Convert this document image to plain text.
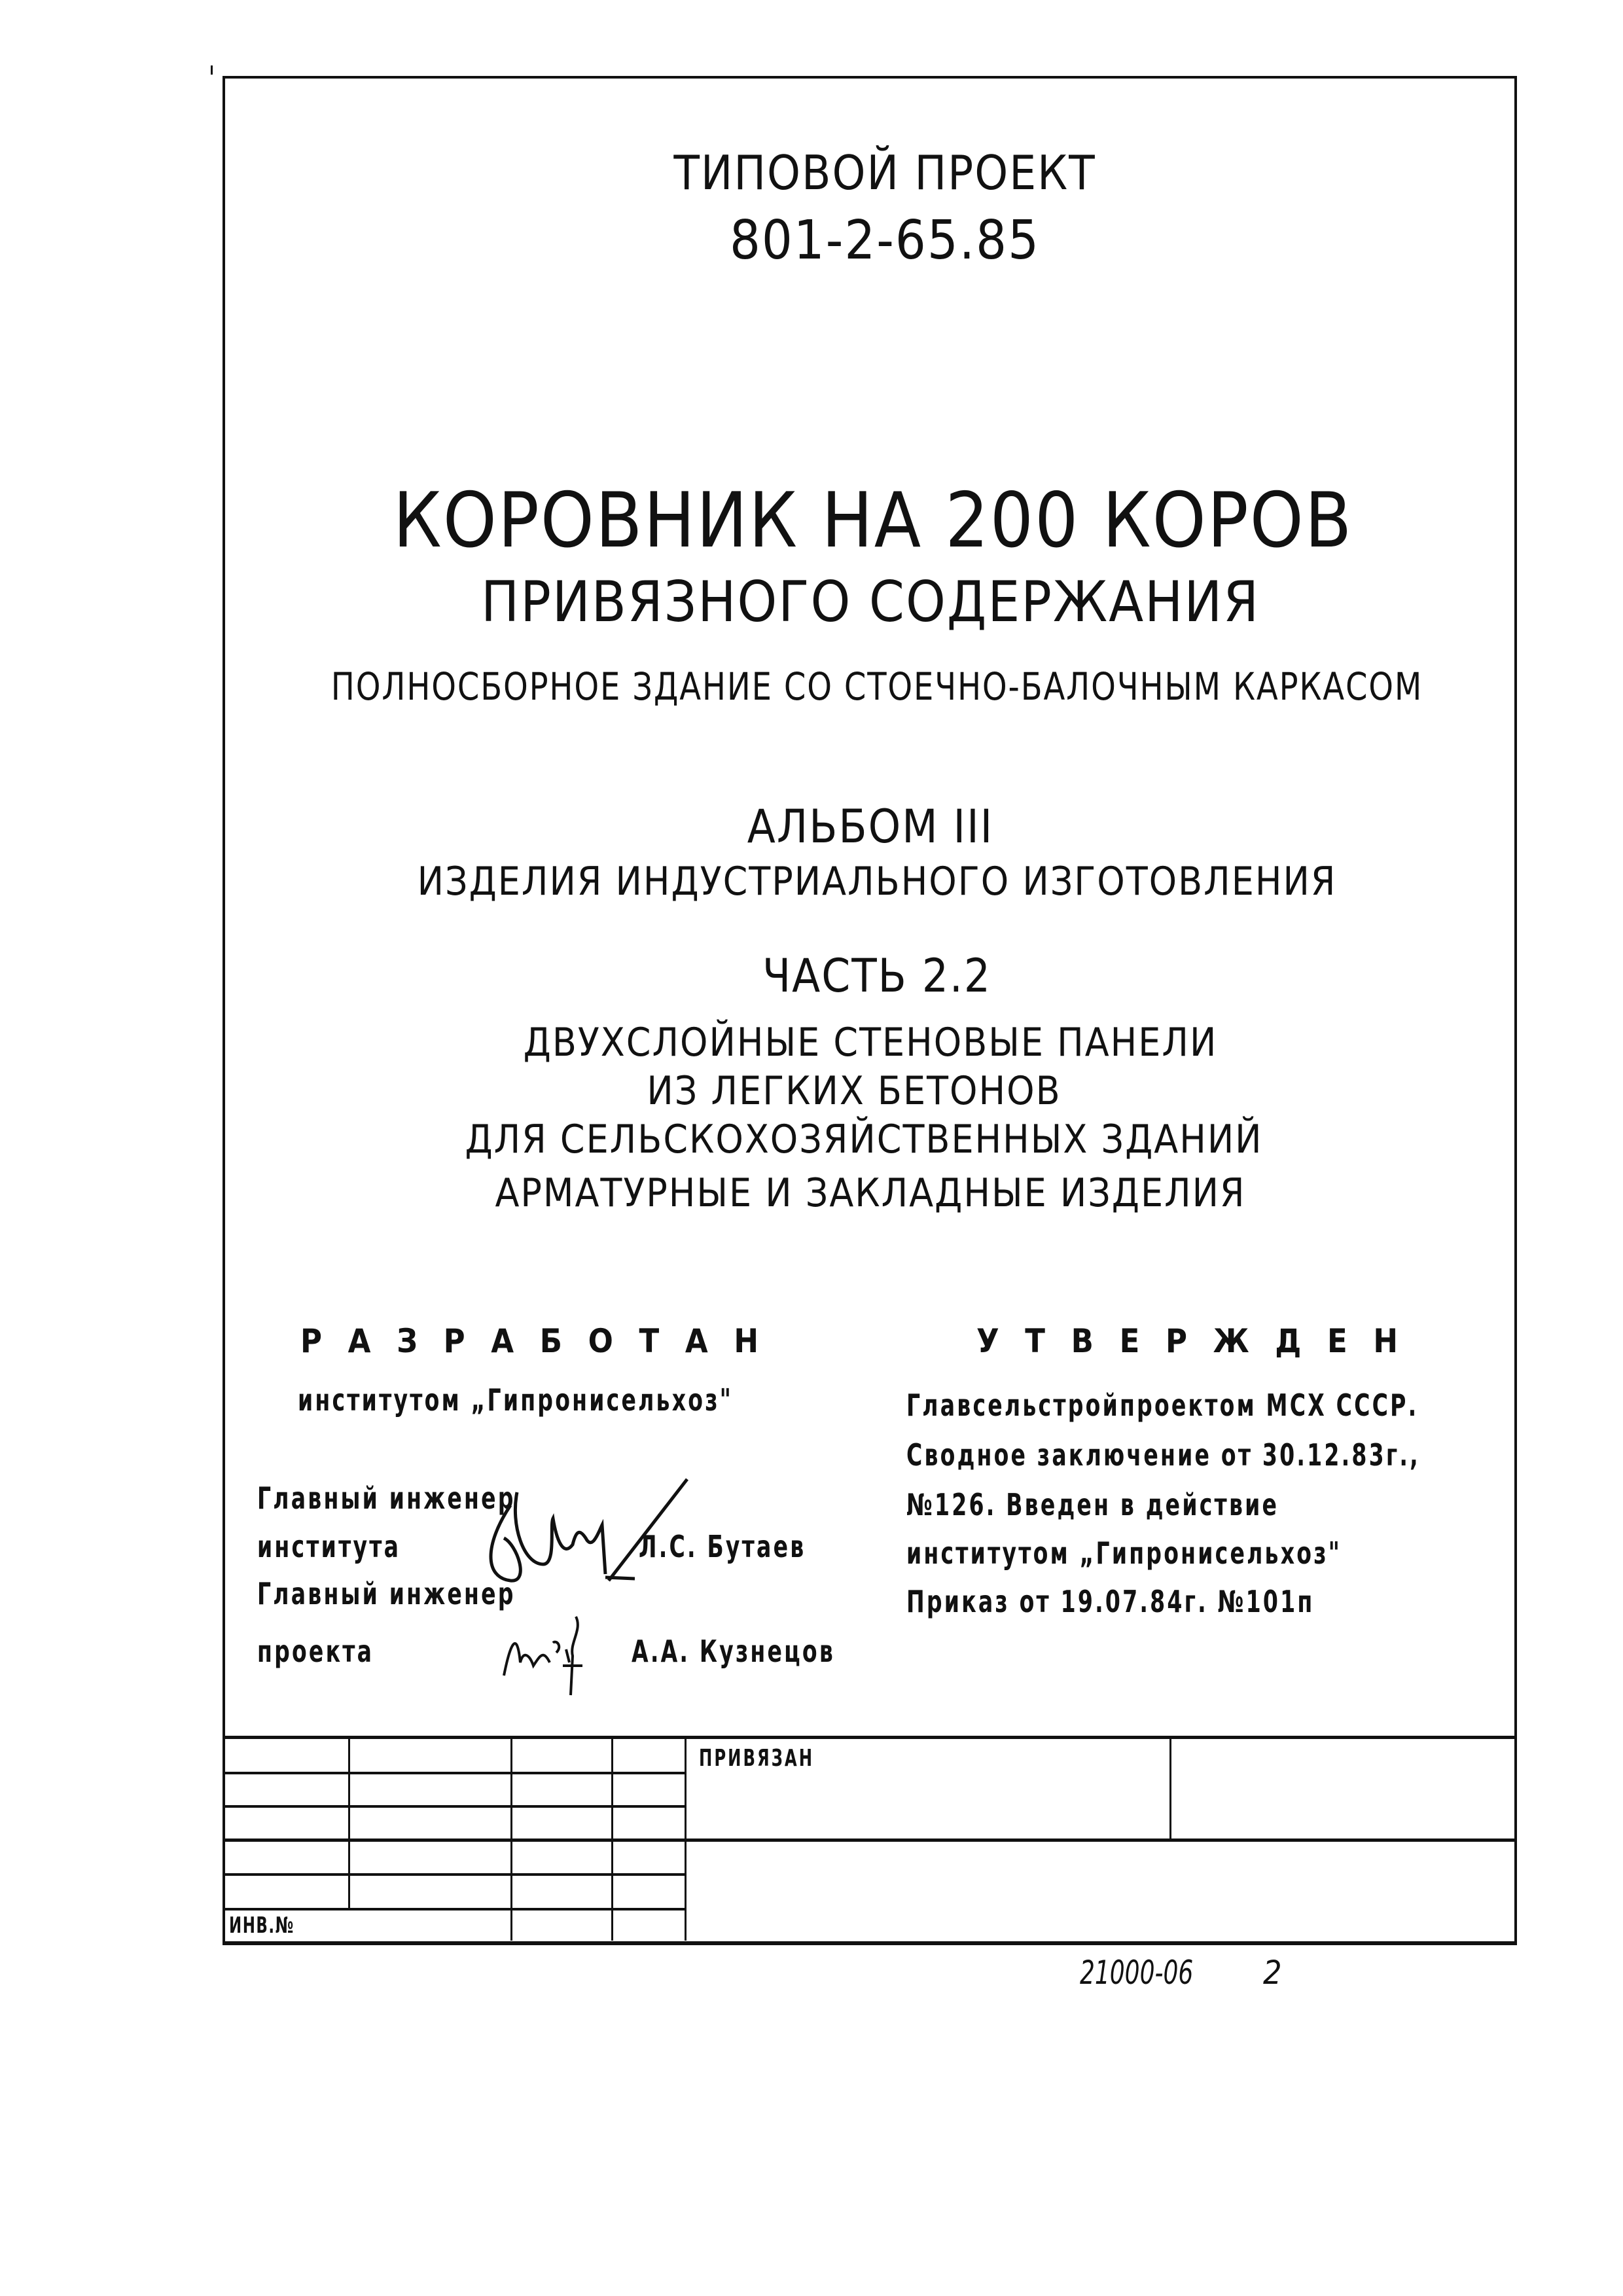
ТИПОВОЙ ПРОЕКТ
801-2-65.85
КОРОВНИК НА 200 КОРОВ
ПРИВЯЗНОГО СОДЕРЖАНИЯ
ПОЛНОСБОРНОЕ ЗДАНИЕ СО СТОЕЧНО-БАЛОЧНЫМ КАРКАСОМ
АЛЬБОМ III
ИЗДЕЛИЯ ИНДУСТРИАЛЬНОГО ИЗГОТОВЛЕНИЯ
ЧАСТЬ 2.2
ДВУХСЛОЙНЫЕ СТЕНОВЫЕ ПАНЕЛИ
ИЗ ЛЕГКИХ БЕТОНОВ
ДЛЯ СЕЛЬСКОХОЗЯЙСТВЕННЫХ ЗДАНИЙ
АРМАТУРНЫЕ И ЗАКЛАДНЫЕ ИЗДЕЛИЯ
Р А З Р А Б О Т А Н
институтом „Гипронисельхоз"
Главный инженер
института	Л.С. Бутаев
Главный инженер
проекта	А.А. Кузнецов
У Т В Е Р Ж Д Е Н
Главсельстройпроектом МСХ СССР.
Сводное заключение от 30.12.83г.,
№126. Введен в действие
институтом „Гипронисельхоз"
Приказ от 19.07.84г. №101п
ПРИВЯЗАН
ИНВ.№
21000-06 2
